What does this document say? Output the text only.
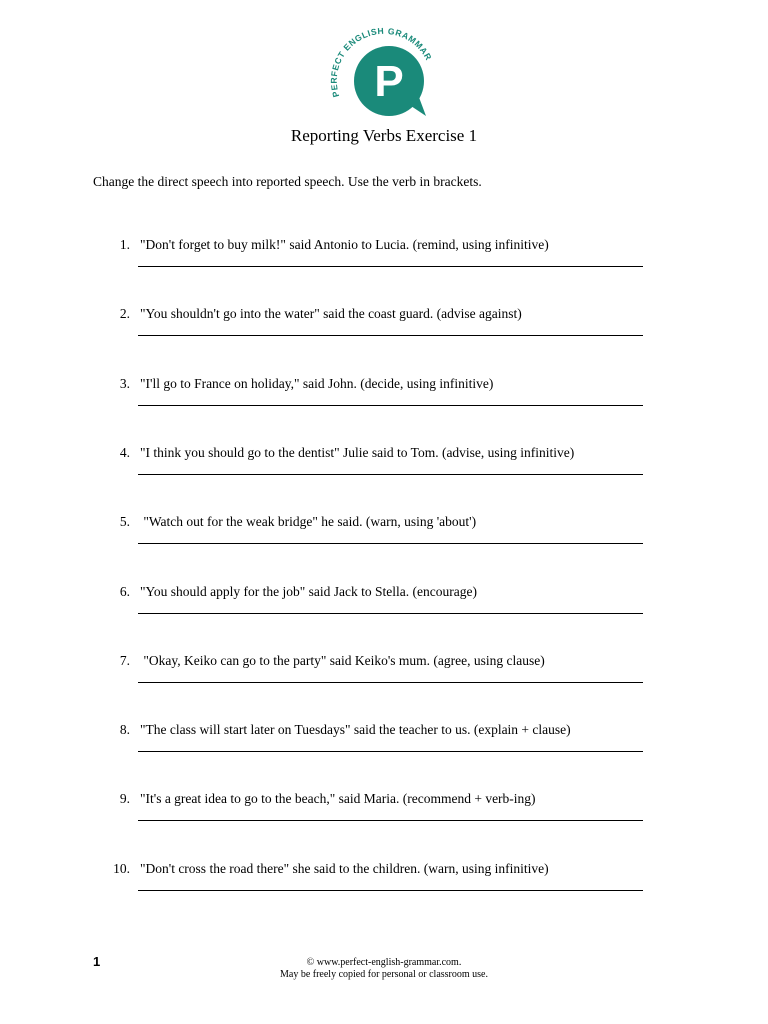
PERFECT ENGLISH GRAMMAR
P
Reporting Verbs Exercise 1
Change the direct speech into reported speech. Use the verb in brackets.
1. "Don't forget to buy milk!" said Antonio to Lucia. (remind, using infinitive)
2. "You shouldn't go into the water" said the coast guard. (advise against)
3. "I'll go to France on holiday," said John. (decide, using infinitive)
4. "I think you should go to the dentist" Julie said to Tom. (advise, using infinitive)
5. "Watch out for the weak bridge" he said. (warn, using 'about')
6. "You should apply for the job" said Jack to Stella. (encourage)
7. "Okay, Keiko can go to the party" said Keiko's mum. (agree, using clause)
8. "The class will start later on Tuesdays" said the teacher to us. (explain + clause)
9. "It's a great idea to go to the beach," said Maria. (recommend + verb-ing)
10. "Don't cross the road there" she said to the children. (warn, using infinitive)
1	© www.perfect-english-grammar.com.
May be freely copied for personal or classroom use.
